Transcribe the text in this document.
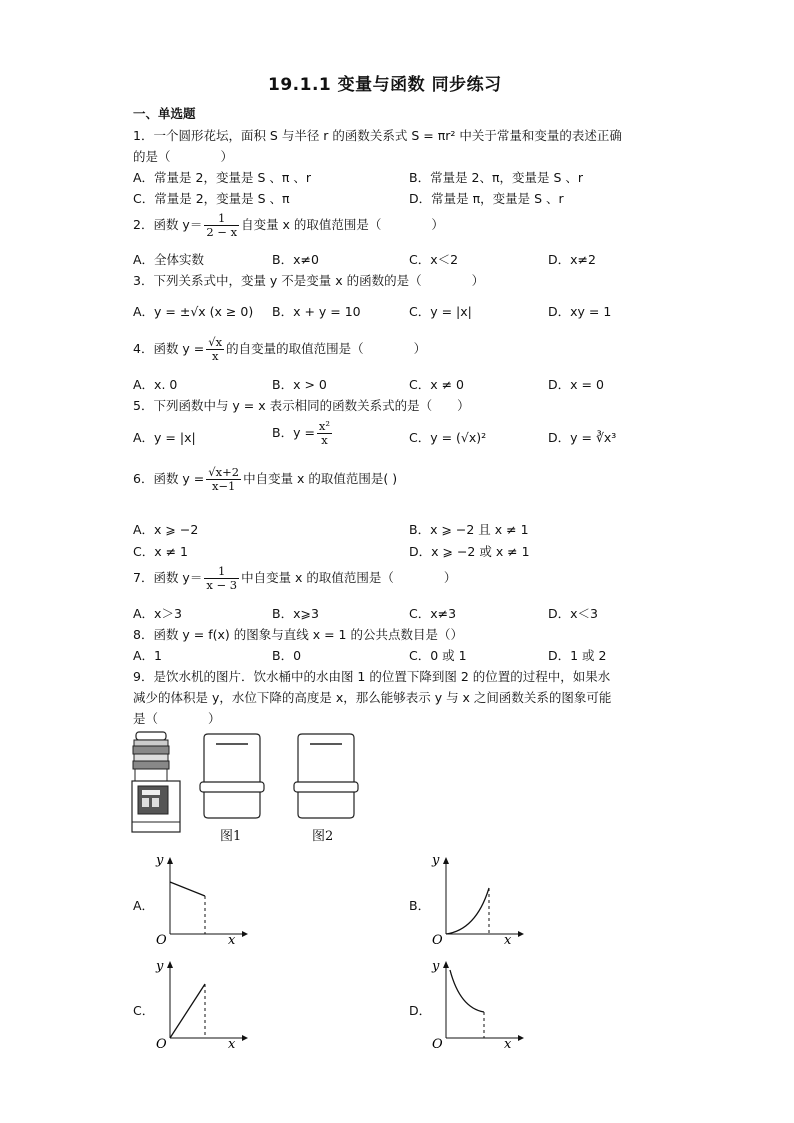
19.1.1 变量与函数 同步练习
一、单选题
1．一个圆形花坛，面积 S 与半径 r 的函数关系式 S = πr² 中关于常量和变量的表述正确
的是（　　　　）
A．常量是 2，变量是 S 、π 、r	B．常量是 2、π，变量是 S 、r
C．常量是 2，变量是 S 、π	D．常量是 π，变量是 S 、r
2．函数 $y= \frac{1}{2 - x}$ 自变量 x 的取值范围是（　　　　）
A．全体实数	B．x≠0	C．x＜2	D．x≠2
3．下列关系式中，变量 y 不是变量 x 的函数的是（　　　　）
A．y = ±√x (x ≥ 0) B．x + y = 10	C．y = |x|	D．xy = 1
4．函数 $y = \frac{√x}{x}$ 的自变量的取值范围是（　　　　）
A．x. 0	B．x > 0	C．x ≠ 0	D．x = 0
5．下列函数中与 y = x 表示相同的函数关系式的是（　　）
A．y = |x|	B．$y = \frac{\text{x²}}{x}$	C．y = (√x)²	D．y = ∛x³
6．函数 $y = \frac{√x+2}{x-1}$ 中自变量 x 的取值范围是( )
A．x ⩾ −2	B．x ⩾ −2 且 x ≠ 1
C．x ≠ 1	D．x ⩾ −2 或 x ≠ 1
7．函数 $y= \frac{1}{x - 3}$ 中自变量 x 的取值范围是（　　　　）
A．x＞3	B．x⩾3	C．x≠3	D．x＜3
8．函数 y = f(x) 的图象与直线 x = 1 的公共点数目是（）
A．1	B．0	C．0 或 1	D．1 或 2
9．是饮水机的图片．饮水桶中的水由图 1 的位置下降到图 2 的位置的过程中，如果水
减少的体积是 y，水位下降的高度是 x，那么能够表示 y 与 x 之间函数关系的图象可能
是（　　　　）
图1	图2
A．
y
x
O
B．
y
x
O
C．
y
x
O
D．
y
x
O
